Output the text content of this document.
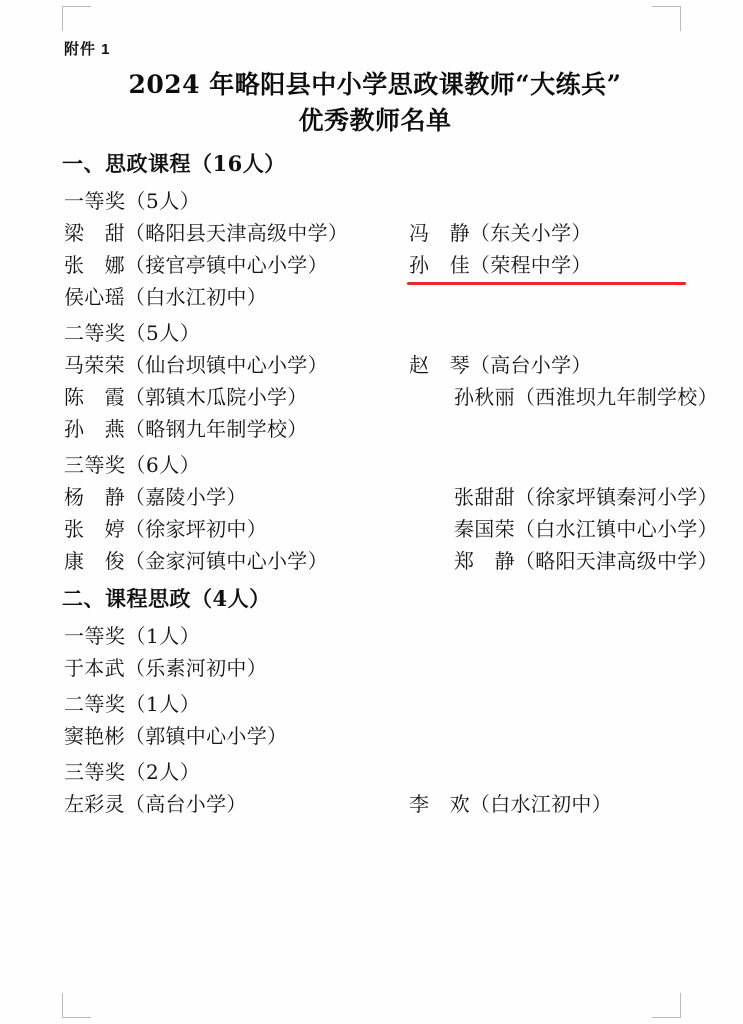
附件 1
2024 年略阳县中小学思政课教师“大练兵”
优秀教师名单
一、思政课程（16人）
一等奖（5人）
梁　甜（略阳县天津高级中学）	冯　静（东关小学）
张　娜（接官亭镇中心小学）	孙　佳（荣程中学）
侯心瑶（白水江初中）
二等奖（5人）
马荣荣（仙台坝镇中心小学）	赵　琴（高台小学）
陈　霞（郭镇木瓜院小学）	孙秋丽（西淮坝九年制学校）
孙　燕（略钢九年制学校）
三等奖（6人）
杨　静（嘉陵小学）	张甜甜（徐家坪镇秦河小学）
张　婷（徐家坪初中）	秦国荣（白水江镇中心小学）
康　俊（金家河镇中心小学）	郑　静（略阳天津高级中学）
二、课程思政（4人）
一等奖（1人）
于本武（乐素河初中）
二等奖（1人）
窦艳彬（郭镇中心小学）
三等奖（2人）
左彩灵（高台小学）	李　欢（白水江初中）
